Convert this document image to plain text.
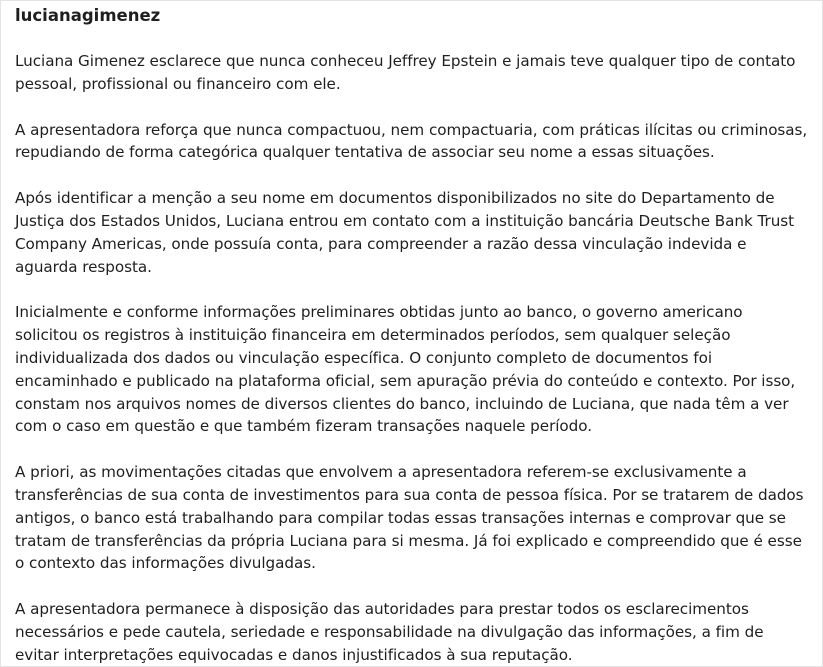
lucianagimenez

Luciana Gimenez esclarece que nunca conheceu Jeffrey Epstein e jamais teve qualquer tipo de contato pessoal, profissional ou financeiro com ele.

A apresentadora reforça que nunca compactuou, nem compactuaria, com práticas ilícitas ou criminosas, repudiando de forma categórica qualquer tentativa de associar seu nome a essas situações.

Após identificar a menção a seu nome em documentos disponibilizados no site do Departamento de Justiça dos Estados Unidos, Luciana entrou em contato com a instituição bancária Deutsche Bank Trust Company Americas, onde possuía conta, para compreender a razão dessa vinculação indevida e aguarda resposta.

Inicialmente e conforme informações preliminares obtidas junto ao banco, o governo americano solicitou os registros à instituição financeira em determinados períodos, sem qualquer seleção individualizada dos dados ou vinculação específica. O conjunto completo de documentos foi encaminhado e publicado na plataforma oficial, sem apuração prévia do conteúdo e contexto. Por isso, constam nos arquivos nomes de diversos clientes do banco, incluindo de Luciana, que nada têm a ver com o caso em questão e que também fizeram transações naquele período.

A priori, as movimentações citadas que envolvem a apresentadora referem-se exclusivamente a transferências de sua conta de investimentos para sua conta de pessoa física. Por se tratarem de dados antigos, o banco está trabalhando para compilar todas essas transações internas e comprovar que se tratam de transferências da própria Luciana para si mesma. Já foi explicado e compreendido que é esse o contexto das informações divulgadas.

A apresentadora permanece à disposição das autoridades para prestar todos os esclarecimentos necessários e pede cautela, seriedade e responsabilidade na divulgação das informações, a fim de evitar interpretações equivocadas e danos injustificados à sua reputação.
